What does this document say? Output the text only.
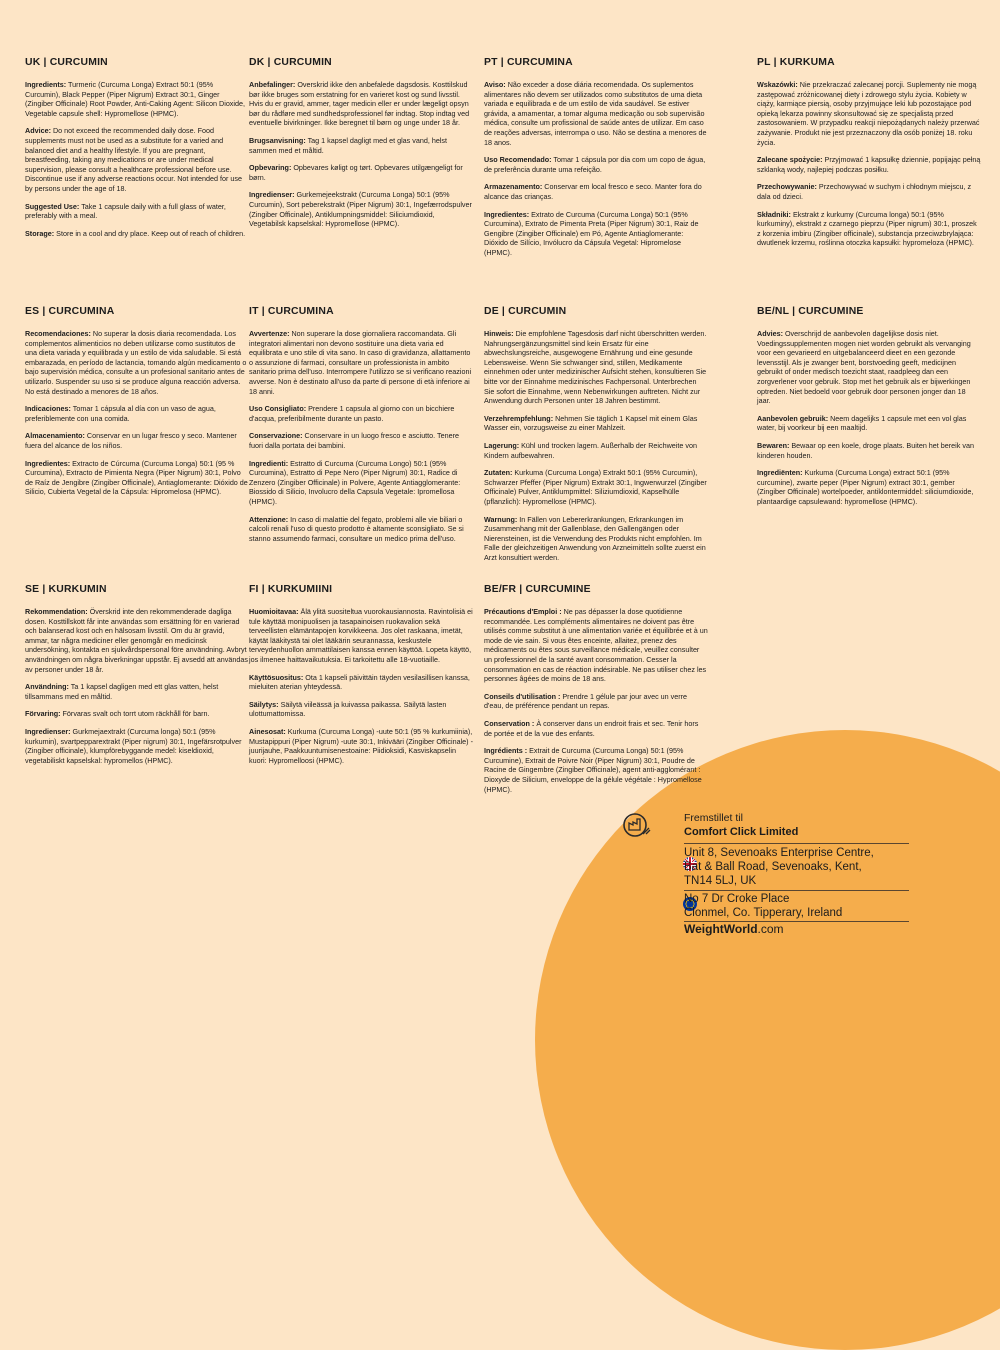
UK | CURCUMIN

Ingredients: Turmeric (Curcuma Longa) Extract 50:1 (95% Curcumin), Black Pepper (Piper Nigrum) Extract 30:1, Ginger (Zingiber Officinale) Root Powder, Anti-Caking Agent: Silicon Dioxide, Vegetable capsule shell: Hypromellose (HPMC).

Advice: Do not exceed the recommended daily dose. Food supplements must not be used as a substitute for a varied and balanced diet and a healthy lifestyle. If you are pregnant, breastfeeding, taking any medications or are under medical supervision, please consult a healthcare professional before use. Discontinue use if any adverse reactions occur. Not intended for use by persons under the age of 18.

Suggested Use: Take 1 capsule daily with a full glass of water, preferably with a meal.

Storage: Store in a cool and dry place. Keep out of reach of children.

DK | CURCUMIN

Anbefalinger: Overskrid ikke den anbefalede dagsdosis. Kosttilskud bør ikke bruges som erstatning for en varieret kost og sund livsstil. Hvis du er gravid, ammer, tager medicin eller er under lægeligt opsyn bør du rådføre med sundhedsprofessionel før indtag. Stop indtag ved eventuelle bivirkninger. Ikke beregnet til børn og unge under 18 år.

Brugsanvisning: Tag 1 kapsel dagligt med et glas vand, helst sammen med et måltid.

Opbevaring: Opbevares køligt og tørt. Opbevares utilgængeligt for børn.

Ingredienser: Gurkemejeekstrakt (Curcuma Longa) 50:1 (95% Curcumin), Sort peberekstrakt (Piper Nigrum) 30:1, Ingefærrodspulver (Zingiber Officinale), Antiklumpningsmiddel: Siliciumdioxid, Vegetabilsk kapselskal: Hypromellose (HPMC).

PT | CURCUMINA

Aviso: Não exceder a dose diária recomendada. Os suplementos alimentares não devem ser utilizados como substitutos de uma dieta variada e equilibrada e de um estilo de vida saudável. Se estiver grávida, a amamentar, a tomar alguma medicação ou sob supervisão médica, consulte um profissional de saúde antes de utilizar. Em caso de reações adversas, interrompa o uso. Não se destina a menores de 18 anos.

Uso Recomendado: Tomar 1 cápsula por dia com um copo de água, de preferência durante uma refeição.

Armazenamento: Conservar em local fresco e seco. Manter fora do alcance das crianças.

Ingredientes: Extrato de Curcuma (Curcuma Longa) 50:1 (95% Curcumina), Extrato de Pimenta Preta (Piper Nigrum) 30:1, Raiz de Gengibre (Zingiber Officinale) em Pó, Agente Antiaglomerante: Dióxido de Silício, Invólucro da Cápsula Vegetal: Hipromelose (HPMC).

PL | KURKUMA

Wskazówki: Nie przekraczać zalecanej porcji. Suplementy nie mogą zastępować zróżnicowanej diety i zdrowego stylu życia. Kobiety w ciąży, karmiące piersią, osoby przyjmujące leki lub pozostające pod opieką lekarza powinny skonsultować się ze specjalistą przed zastosowaniem. W przypadku reakcji niepożądanych należy przerwać zażywanie. Produkt nie jest przeznaczony dla osób poniżej 18. roku życia.

Zalecane spożycie: Przyjmować 1 kapsułkę dziennie, popijając pełną szklanką wody, najlepiej podczas posiłku.

Przechowywanie: Przechowywać w suchym i chłodnym miejscu, z dala od dzieci.

Składniki: Ekstrakt z kurkumy (Curcuma longa) 50:1 (95% kurkuminy), ekstrakt z czarnego pieprzu (Piper nigrum) 30:1, proszek z korzenia imbiru (Zingiber officinale), substancja przeciwzbrylająca: dwutlenek krzemu, roślinna otoczka kapsułki: hypromeloza (HPMC).

ES | CURCUMINA

Recomendaciones: No superar la dosis diaria recomendada. Los complementos alimenticios no deben utilizarse como sustitutos de una dieta variada y equilibrada y un estilo de vida saludable. Si está embarazada, en período de lactancia, tomando algún medicamento o bajo supervisión médica, consulte a un profesional sanitario antes de utilizarlo. Suspender su uso si se produce alguna reacción adversa. No está destinado a menores de 18 años.

Indicaciones: Tomar 1 cápsula al día con un vaso de agua, preferiblemente con una comida.

Almacenamiento: Conservar en un lugar fresco y seco. Mantener fuera del alcance de los niños.

Ingredientes: Extracto de Cúrcuma (Curcuma Longa) 50:1 (95 % Curcumina), Extracto de Pimienta Negra (Piper Nigrum) 30:1, Polvo de Raíz de Jengibre (Zingiber Officinale), Antiaglomerante: Dióxido de Silicio, Cubierta Vegetal de la Cápsula: Hipromelosa (HPMC).

IT | CURCUMINA

Avvertenze: Non superare la dose giornaliera raccomandata. Gli integratori alimentari non devono sostituire una dieta varia ed equilibrata e uno stile di vita sano. In caso di gravidanza, allattamento o assunzione di farmaci, consultare un professionista in ambito sanitario prima dell'uso. Interrompere l'utilizzo se si verificano reazioni avverse. Non è destinato all'uso da parte di persone di età inferiore ai 18 anni.

Uso Consigliato: Prendere 1 capsula al giorno con un bicchiere d'acqua, preferibilmente durante un pasto.

Conservazione: Conservare in un luogo fresco e asciutto. Tenere fuori dalla portata dei bambini.

Ingredienti: Estratto di Curcuma (Curcuma Longo) 50:1 (95% Curcumina), Estratto di Pepe Nero (Piper Nigrum) 30:1, Radice di Zenzero (Zingiber Officinale) in Polvere, Agente Antiagglomerante: Biossido di Silicio, Involucro della Capsula Vegetale: Ipromellosa (HPMC).

Attenzione: In caso di malattie del fegato, problemi alle vie biliari o calcoli renali l'uso di questo prodotto è altamente sconsigliato. Se si stanno assumendo farmaci, consultare un medico prima dell'uso.

DE | CURCUMIN

Hinweis: Die empfohlene Tagesdosis darf nicht überschritten werden. Nahrungsergänzungsmittel sind kein Ersatz für eine abwechslungsreiche, ausgewogene Ernährung und eine gesunde Lebensweise. Wenn Sie schwanger sind, stillen, Medikamente einnehmen oder unter medizinischer Aufsicht stehen, konsultieren Sie bitte vor der Einnahme medizinisches Fachpersonal. Unterbrechen Sie sofort die Einnahme, wenn Nebenwirkungen auftreten. Nicht zur Anwendung durch Personen unter 18 Jahren bestimmt.

Verzehrempfehlung: Nehmen Sie täglich 1 Kapsel mit einem Glas Wasser ein, vorzugsweise zu einer Mahlzeit.

Lagerung: Kühl und trocken lagern. Außerhalb der Reichweite von Kindern aufbewahren.

Zutaten: Kurkuma (Curcuma Longa) Extrakt 50:1 (95% Curcumin), Schwarzer Pfeffer (Piper Nigrum) Extrakt 30:1, Ingwerwurzel (Zingiber Officinale) Pulver, Antiklumpmittel: Siliziumdioxid, Kapselhülle (pflanzlich): Hypromellose (HPMC).

Warnung: In Fällen von Lebererkrankungen, Erkrankungen im Zusammenhang mit der Gallenblase, den Gallengängen oder Nierensteinen, ist die Verwendung des Produkts nicht empfohlen. Im Falle der gleichzeitigen Anwendung von Arzneimitteln sollte zuerst ein Arzt konsultiert werden.

BE/NL | CURCUMINE

Advies: Overschrijd de aanbevolen dagelijkse dosis niet. Voedingssupplementen mogen niet worden gebruikt als vervanging voor een gevarieerd en uitgebalanceerd dieet en een gezonde levensstijl. Als je zwanger bent, borstvoeding geeft, medicijnen gebruikt of onder medisch toezicht staat, raadpleeg dan een zorgverlener voor gebruik. Stop met het gebruik als er bijwerkingen optreden. Niet bedoeld voor gebruik door personen jonger dan 18 jaar.

Aanbevolen gebruik: Neem dagelijks 1 capsule met een vol glas water, bij voorkeur bij een maaltijd.

Bewaren: Bewaar op een koele, droge plaats. Buiten het bereik van kinderen houden.

Ingrediënten: Kurkuma (Curcuma Longa) extract 50:1 (95% curcumine), zwarte peper (Piper Nigrum) extract 30:1, gember (Zingiber Officinale) wortelpoeder, antiklontermiddel: siliciumdioxide, plantaardige capsulewand: hypromellose (HPMC).

SE | KURKUMIN

Rekommendation: Överskrid inte den rekommenderade dagliga dosen. Kosttillskott får inte användas som ersättning för en varierad och balanserad kost och en hälsosam livsstil. Om du är gravid, ammar, tar några mediciner eller genomgår en medicinsk undersökning, kontakta en sjukvårdspersonal före användning. Avbryt användningen om några biverkningar uppstår. Ej avsedd att användas av personer under 18 år.

Användning: Ta 1 kapsel dagligen med ett glas vatten, helst tillsammans med en måltid.

Förvaring: Förvaras svalt och torrt utom räckhåll för barn.

Ingredienser: Gurkmejaextrakt (Curcuma longa) 50:1 (95% kurkumin), svartpepparextrakt (Piper nigrum) 30:1, Ingefärsrotpulver (Zingiber officinale), klumpförebyggande medel: kiseldioxid, vegetabiliskt kapselskal: hypromellos (HPMC).

FI | KURKUMIINI

Huomioitavaa: Älä ylitä suositeltua vuorokausiannosta. Ravintolisiä ei tule käyttää monipuolisen ja tasapainoisen ruokavalion sekä terveellisten elämäntapojen korvikkeena. Jos olet raskaana, imetät, käytät lääkitystä tai olet lääkärin seurannassa, keskustele terveydenhuollon ammattilaisen kanssa ennen käyttöä. Lopeta käyttö, jos ilmenee haittavaikutuksia. Ei tarkoitettu alle 18-vuotiaille.

Käyttösuositus: Ota 1 kapseli päivittäin täyden vesilasillisen kanssa, mieluiten aterian yhteydessä.

Säilytys: Säilytä viileässä ja kuivassa paikassa. Säilytä lasten ulottumattomissa.

Ainesosat: Kurkuma (Curcuma Longa) -uute 50:1 (95 % kurkumiinia), Mustapippuri (Piper Nigrum) -uute 30:1, Inkivääri (Zingiber Officinale) -juurijauhe, Paakkuuntumisenestoaine: Piidioksidi, Kasviskapselin kuori: Hypromelloosi (HPMC).

BE/FR | CURCUMINE

Précautions d'Emploi : Ne pas dépasser la dose quotidienne recommandée. Les compléments alimentaires ne doivent pas être utilisés comme substitut à une alimentation variée et équilibrée et à un mode de vie sain. Si vous êtes enceinte, allaitez, prenez des médicaments ou êtes sous surveillance médicale, veuillez consulter un professionnel de la santé avant consommation. Cesser la consommation en cas de réaction indésirable. Ne pas utiliser chez les personnes âgées de moins de 18 ans.

Conseils d'utilisation : Prendre 1 gélule par jour avec un verre d'eau, de préférence pendant un repas.

Conservation : À conserver dans un endroit frais et sec. Tenir hors de portée et de la vue des enfants.

Ingrédients : Extrait de Curcuma (Curcuma Longa) 50:1 (95% Curcumine), Extrait de Poivre Noir (Piper Nigrum) 30:1, Poudre de Racine de Gingembre (Zingiber Officinale), agent anti-agglomérant : Dioxyde de Silicium, enveloppe de la gélule végétale : Hypromellose (HPMC).

Fremstillet til
Comfort Click Limited
Unit 8, Sevenoaks Enterprise Centre,
Bat & Ball Road, Sevenoaks, Kent,
TN14 5LJ, UK
No 7 Dr Croke Place
Clonmel, Co. Tipperary, Ireland
WeightWorld.com
